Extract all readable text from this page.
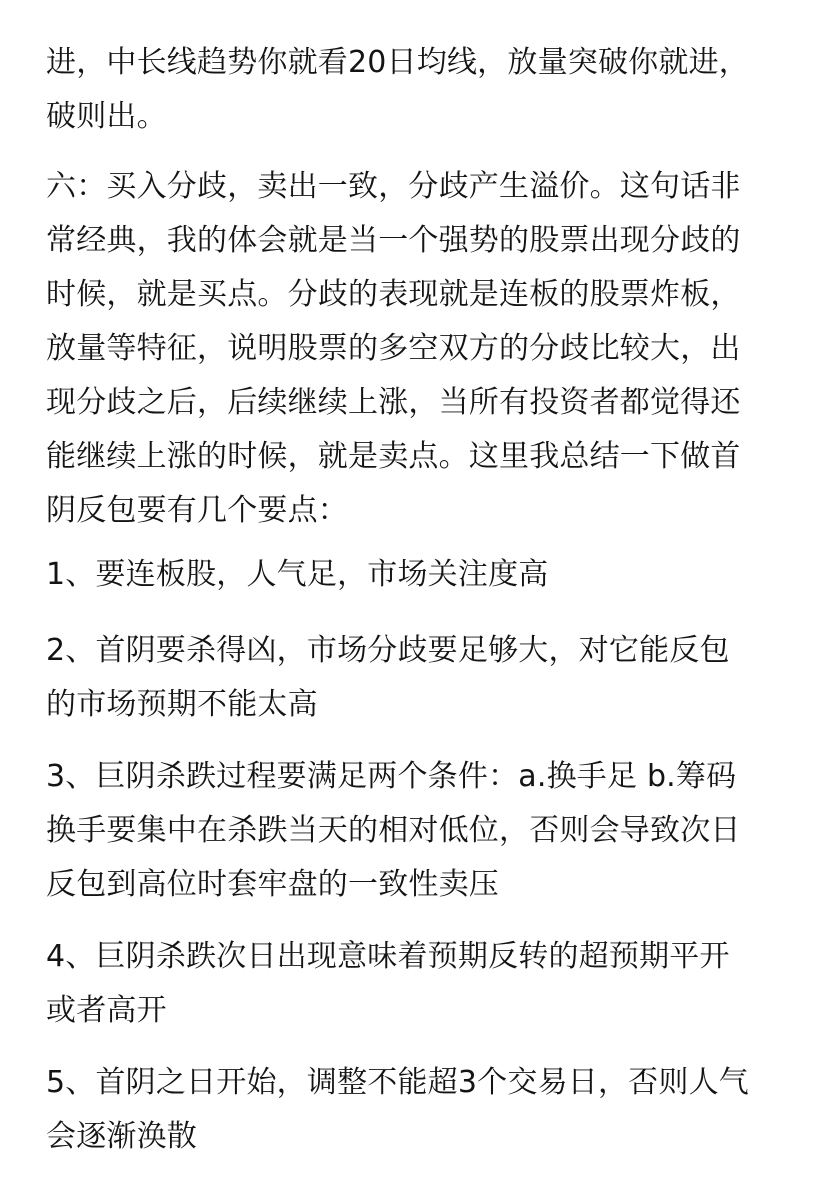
进，中长线趋势你就看20日均线，放量突破你就进，
破则出。
六：买入分歧，卖出一致，分歧产生溢价。这句话非
常经典，我的体会就是当一个强势的股票出现分歧的
时候，就是买点。分歧的表现就是连板的股票炸板，
放量等特征，说明股票的多空双方的分歧比较大，出
现分歧之后，后续继续上涨，当所有投资者都觉得还
能继续上涨的时候，就是卖点。这里我总结一下做首
阴反包要有几个要点：
1、要连板股，人气足，市场关注度高
2、首阴要杀得凶，市场分歧要足够大，对它能反包
的市场预期不能太高
3、巨阴杀跌过程要满足两个条件：a.换手足 b.筹码
换手要集中在杀跌当天的相对低位，否则会导致次日
反包到高位时套牢盘的一致性卖压
4、巨阴杀跌次日出现意味着预期反转的超预期平开
或者高开
5、首阴之日开始，调整不能超3个交易日，否则人气
会逐渐涣散
